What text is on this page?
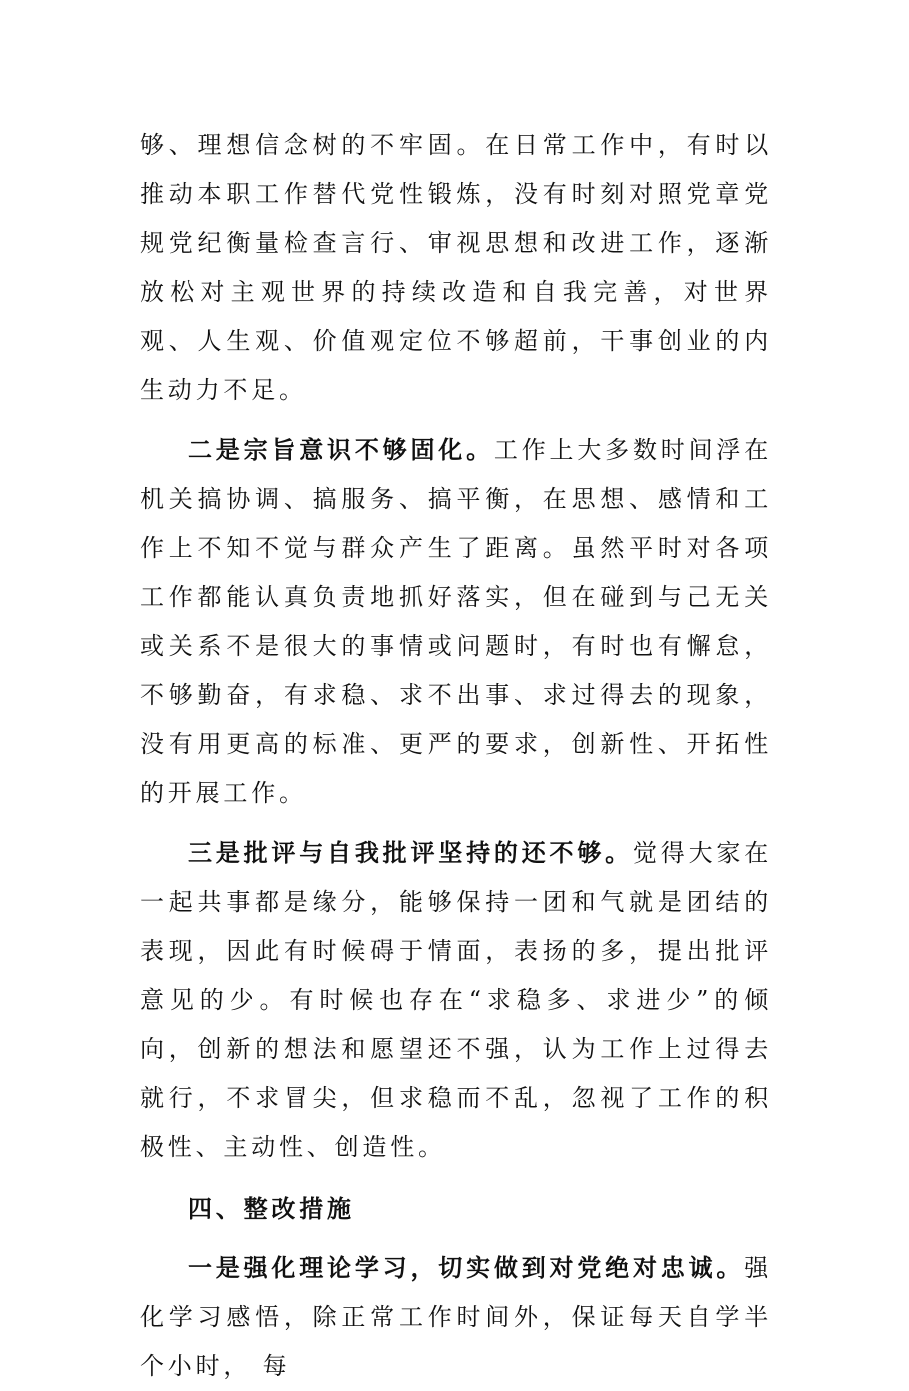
够、理想信念树的不牢固。在日常工作中，有时以推动本职工作替代党性锻炼，没有时刻对照党章党规党纪衡量检查言行、审视思想和改进工作，逐渐放松对主观世界的持续改造和自我完善，对世界观、人生观、价值观定位不够超前，干事创业的内生动力不足。

二是宗旨意识不够固化。工作上大多数时间浮在机关搞协调、搞服务、搞平衡，在思想、感情和工作上不知不觉与群众产生了距离。虽然平时对各项工作都能认真负责地抓好落实，但在碰到与己无关或关系不是很大的事情或问题时，有时也有懈怠，不够勤奋，有求稳、求不出事、求过得去的现象，没有用更高的标准、更严的要求，创新性、开拓性的开展工作。

三是批评与自我批评坚持的还不够。觉得大家在一起共事都是缘分，能够保持一团和气就是团结的表现，因此有时候碍于情面，表扬的多，提出批评意见的少。有时候也存在“求稳多、求进少”的倾向，创新的想法和愿望还不强，认为工作上过得去就行，不求冒尖，但求稳而不乱，忽视了工作的积极性、主动性、创造性。

四、整改措施

一是强化理论学习，切实做到对党绝对忠诚。强化学习感悟，除正常工作时间外，保证每天自学半个小时， 每
